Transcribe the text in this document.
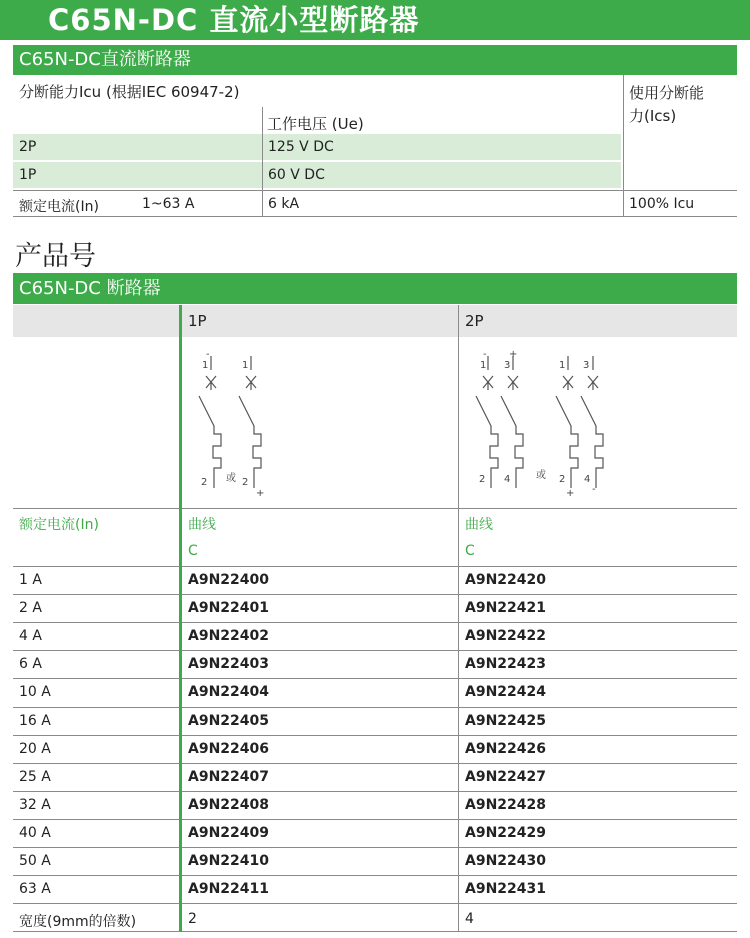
C65N-DC 直流小型断路器
C65N-DC直流断路器
分断能力Icu (根据IEC 60947-2)
工作电压 (Ue)
使用分断能
力(Ics)
2P	125 V DC
1P	60 V DC
额定电流(In)	1~63 A	6 kA	100% Icu
产品号
C65N-DC 断路器
1P	2P
1
-
1
2 或 2
+
1
-
3
+
1 3
2 4	或 2 4
+ -
额定电流(In)	曲线	曲线
C	C
1 A	A9N22400	A9N22420
2 A	A9N22401	A9N22421
4 A	A9N22402	A9N22422
6 A	A9N22403	A9N22423
10 A	A9N22404	A9N22424
16 A	A9N22405	A9N22425
20 A	A9N22406	A9N22426
25 A	A9N22407	A9N22427
32 A	A9N22408	A9N22428
40 A	A9N22409	A9N22429
50 A	A9N22410	A9N22430
63 A	A9N22411	A9N22431
宽度(9mm的倍数)	2	4
